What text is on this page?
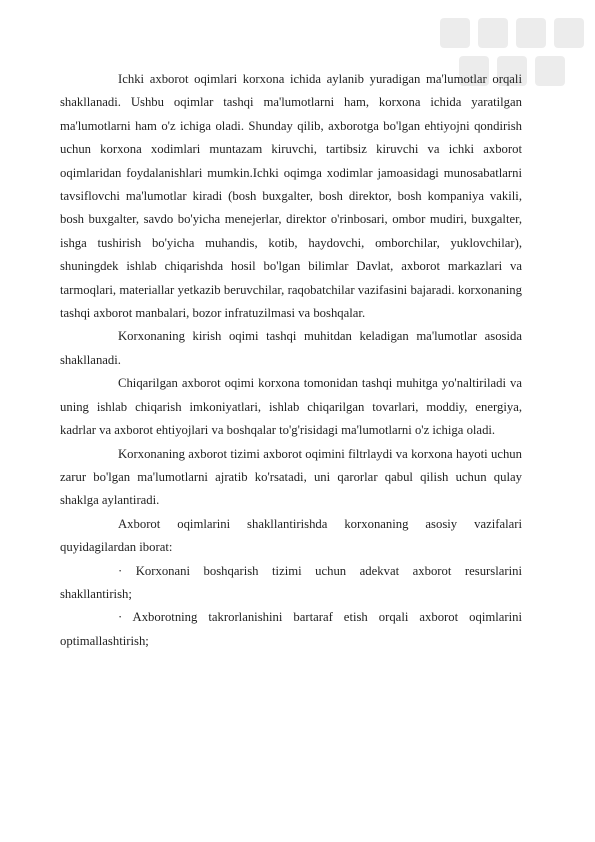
Ichki axborot oqimlari korxona ichida aylanib yuradigan ma'lumotlar orqali shakllanadi. Ushbu oqimlar tashqi ma'lumotlarni ham, korxona ichida yaratilgan ma'lumotlarni ham o'z ichiga oladi. Shunday qilib, axborotga bo'lgan ehtiyojni qondirish uchun korxona xodimlari muntazam kiruvchi, tartibsiz kiruvchi va ichki axborot oqimlaridan foydalanishlari mumkin.Ichki oqimga xodimlar jamoasidagi munosabatlarni tavsiflovchi ma'lumotlar kiradi (bosh buxgalter, bosh direktor, bosh kompaniya vakili, bosh buxgalter, savdo bo'yicha menejerlar, direktor o'rinbosari, ombor mudiri, buxgalter, ishga tushirish bo'yicha muhandis, kotib, haydovchi, omborchilar, yuklovchilar), shuningdek ishlab chiqarishda hosil bo'lgan bilimlar Davlat, axborot markazlari va tarmoqlari, materiallar yetkazib beruvchilar, raqobatchilar vazifasini bajaradi. korxonaning tashqi axborot manbalari, bozor infratuzilmasi va boshqalar.

Korxonaning kirish oqimi tashqi muhitdan keladigan ma'lumotlar asosida shakllanadi.

Chiqarilgan axborot oqimi korxona tomonidan tashqi muhitga yo'naltiriladi va uning ishlab chiqarish imkoniyatlari, ishlab chiqarilgan tovarlari, moddiy, energiya, kadrlar va axborot ehtiyojlari va boshqalar to'g'risidagi ma'lumotlarni o'z ichiga oladi.

Korxonaning axborot tizimi axborot oqimini filtrlaydi va korxona hayoti uchun zarur bo'lgan ma'lumotlarni ajratib ko'rsatadi, uni qarorlar qabul qilish uchun qulay shaklga aylantiradi.

Axborot oqimlarini shakllantirishda korxonaning asosiy vazifalari quyidagilardan iborat:

· Korxonani boshqarish tizimi uchun adekvat axborot resurslarini shakllantirish;

· Axborotning takrorlanishini bartaraf etish orqali axborot oqimlarini optimallashtirish;
